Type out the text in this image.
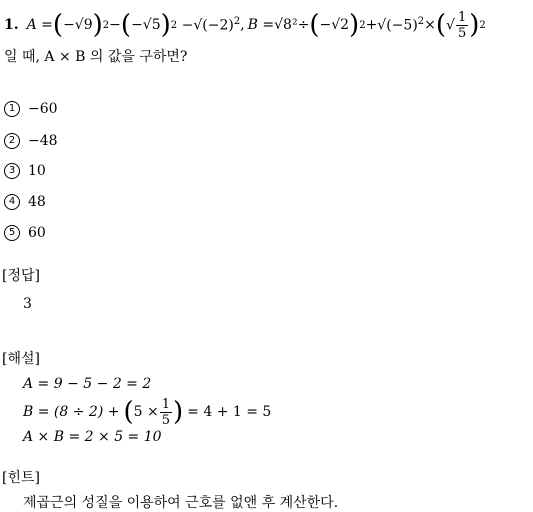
1. A = ( −√9 ) 2 − ( −√5 ) $2 -√(-2)^2$ , B = √8² ÷ ( −√2 ) $2 + √(-5)^2$ × ( √ $\frac{1}{5}$ ) 2
일 때, A × B 의 값을 구하면?
1 −60
2 −48
3 10
4 48
5 60
[정답]
3
[해설]
A = 9 − 5 − 2 = 2
B = (8 ÷ 2) + ( $5 \times \frac{1}{5}$ ) = 4 + 1 = 5
A × B = 2 × 5 = 10
[힌트]
제곱근의 성질을 이용하여 근호를 없앤 후 계산한다.
